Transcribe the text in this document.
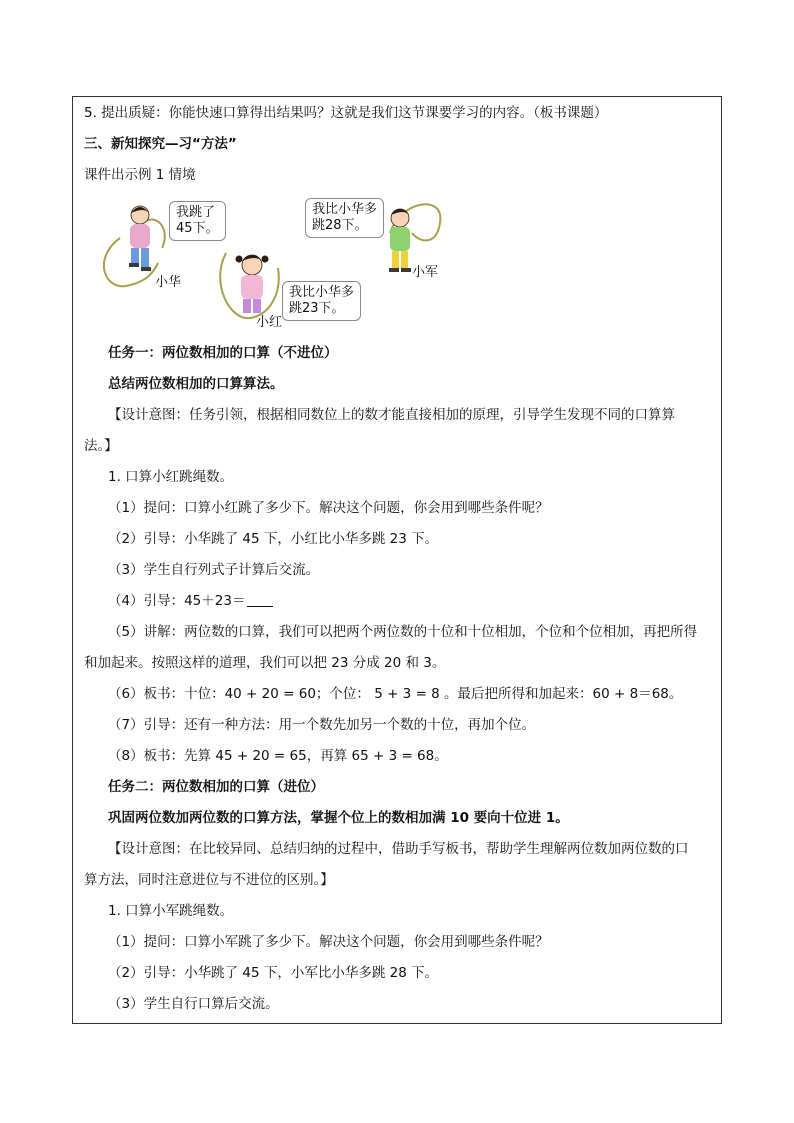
5. 提出质疑：你能快速口算得出结果吗？这就是我们这节课要学习的内容。（板书课题）
三、新知探究—习“方法”
课件出示例 1 情境
我跳了
45下。
小华
我比小华多
跳23下。
小红
我比小华多
跳28下。
小军
任务一：两位数相加的口算（不进位）
总结两位数相加的口算算法。
【设计意图：任务引领，根据相同数位上的数才能直接相加的原理，引导学生发现不同的口算算
法。】
1. 口算小红跳绳数。
（1）提问：口算小红跳了多少下。解决这个问题，你会用到哪些条件呢？
（2）引导：小华跳了 45 下，小红比小华多跳 23 下。
（3）学生自行列式子计算后交流。
（4）引导：45＋23＝
（5）讲解：两位数的口算，我们可以把两个两位数的十位和十位相加，个位和个位相加，再把所得
和加起来。按照这样的道理，我们可以把 23 分成 20 和 3。
（6）板书：十位：40 + 20 = 60；个位： 5 + 3 = 8 。最后把所得和加起来：60 + 8＝68。
（7）引导：还有一种方法：用一个数先加另一个数的十位，再加个位。
（8）板书：先算 45 + 20 = 65，再算 65 + 3 = 68。
任务二：两位数相加的口算（进位）
巩固两位数加两位数的口算方法，掌握个位上的数相加满 10 要向十位进 1。
【设计意图：在比较异同、总结归纳的过程中，借助手写板书，帮助学生理解两位数加两位数的口
算方法，同时注意进位与不进位的区别。】
1. 口算小军跳绳数。
（1）提问：口算小军跳了多少下。解决这个问题，你会用到哪些条件呢？
（2）引导：小华跳了 45 下，小军比小华多跳 28 下。
（3）学生自行口算后交流。
